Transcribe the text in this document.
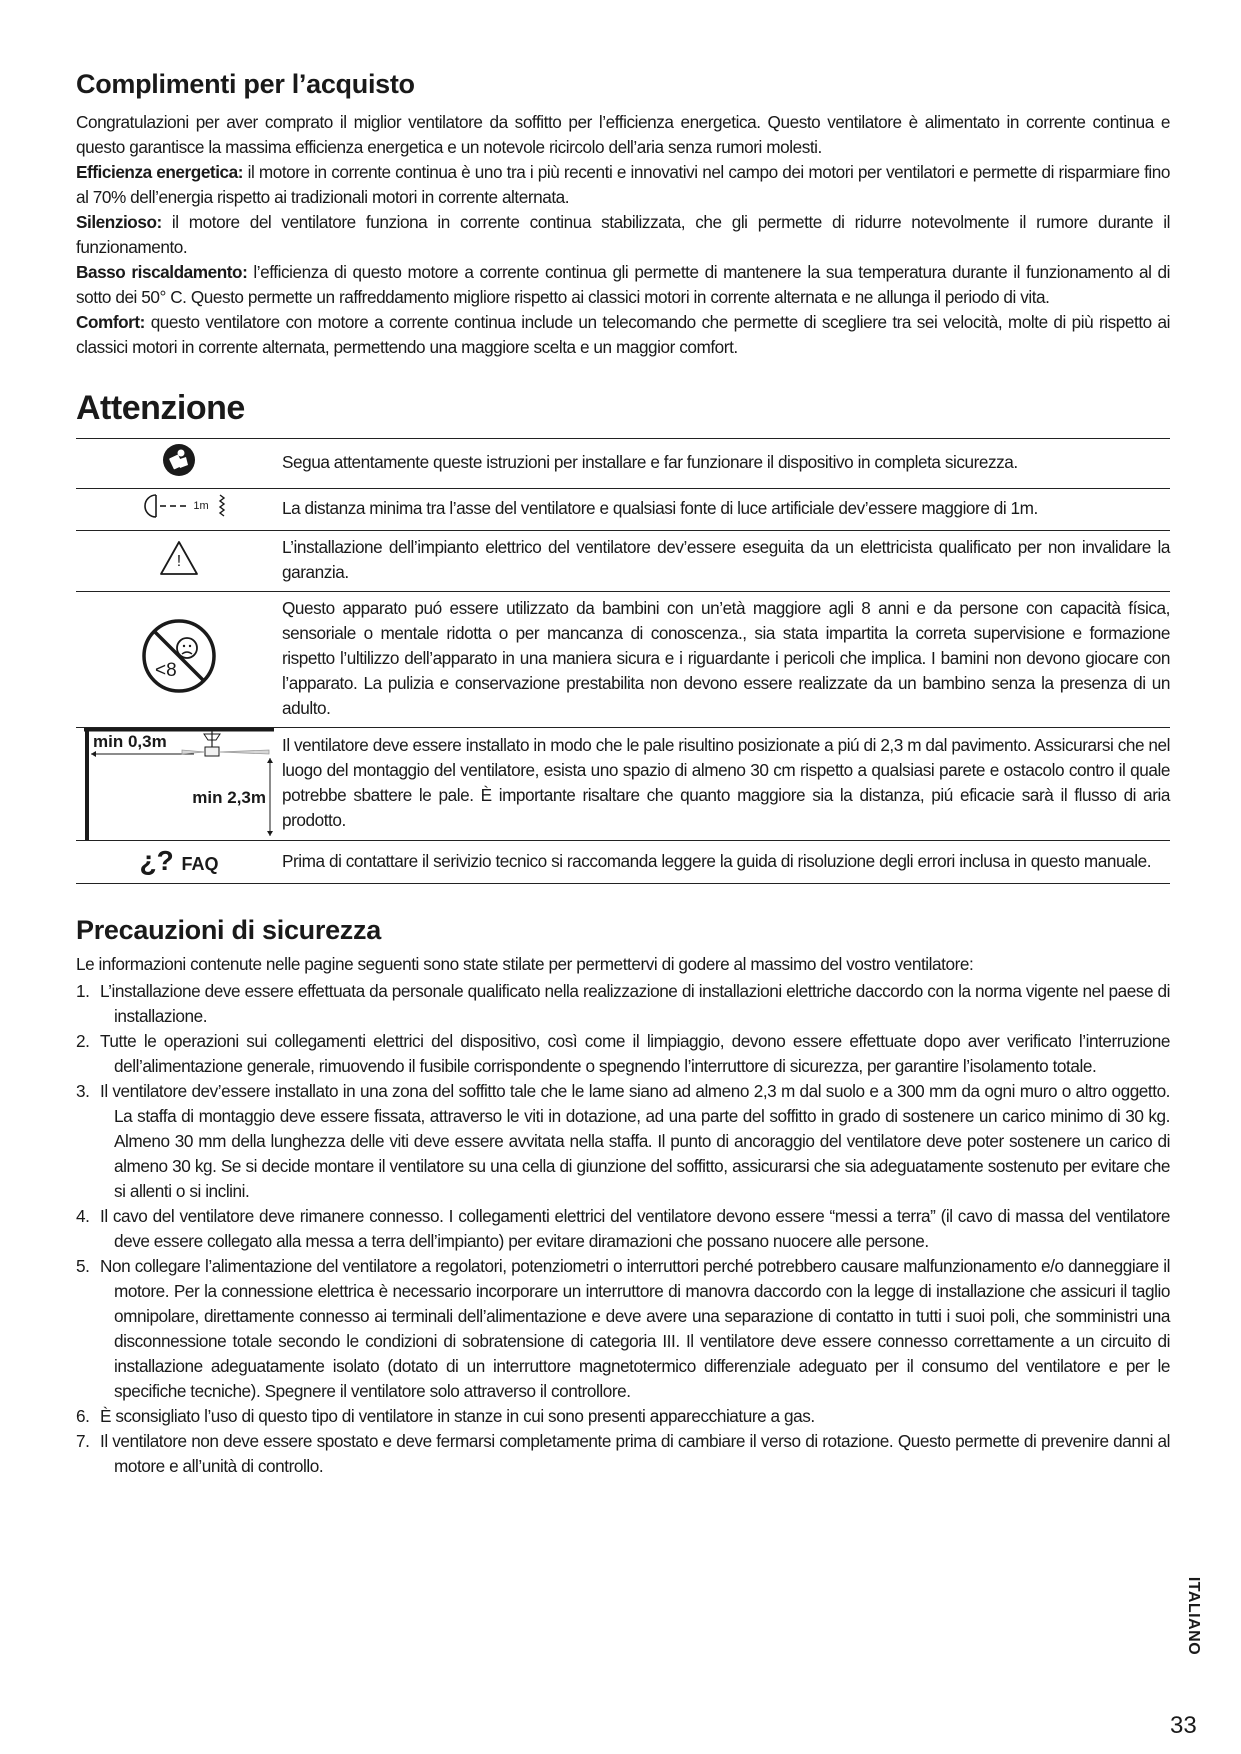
Complimenti per l’acquisto

Congratulazioni per aver comprato il miglior ventilatore da soffitto per l’efficienza energetica. Questo ventilatore è alimentato in corrente continua e questo garantisce la massima efficienza energetica e un notevole ricircolo dell’aria senza rumori molesti.

Efficienza energetica: il motore in corrente continua è uno tra i più recenti e innovativi nel campo dei motori per ventilatori e permette di risparmiare fino al 70% dell’energia rispetto ai tradizionali motori in corrente alternata.

Silenzioso: il motore del ventilatore funziona in corrente continua stabilizzata, che gli permette di ridurre notevolmente il rumore durante il funzionamento.

Basso riscaldamento: l’efficienza di questo motore a corrente continua gli permette di mantenere la sua temperatura durante il funzionamento al di sotto dei 50° C. Questo permette un raffreddamento migliore rispetto ai classici motori in corrente alternata e ne allunga il periodo di vita.

Comfort: questo ventilatore con motore a corrente continua include un telecomando che permette di scegliere tra sei velocità, molte di più rispetto ai classici motori in corrente alternata, permettendo una maggiore scelta e un maggior comfort.

Attenzione
	Segua attentamente queste istruzioni per installare e far funzionare il dispositivo in completa sicurezza.

1m	La distanza minima tra l’asse del ventilatore e qualsiasi fonte di luce artificiale dev’essere maggiore di 1m.

!	L’installazione dell’impianto elettrico del ventilatore dev’essere eseguita da un elettricista qualificato per non invalidare la garanzia.

<8	Questo apparato puó essere utilizzato da bambini con un’età maggiore agli 8 anni e da persone con capacità física, sensoriale o mentale ridotta o per mancanza di conoscenza., sia stata impartita la correta supervisione e formazione rispetto l’ultilizzo dell’apparato in una maniera sicura e i riguardante i pericoli che implica. I bamini non devono giocare con l’apparato. La pulizia e conservazione prestabilita non devono essere realizzate da un bambino senza la presenza di un adulto.

min 0,3m
min 2,3m	Il ventilatore deve essere installato in modo che le pale risultino posizionate a piú di 2,3 m dal pavimento. Assicurarsi che nel luogo del montaggio del ventilatore, esista uno spazio di almeno 30 cm rispetto a qualsiasi parete e ostacolo contro il quale potrebbe sbattere le pale. È importante risaltare che quanto maggiore sia la distanza, piú eficacie sarà il flusso di aria prodotto.
¿? FAQ	Prima di contattare il serivizio tecnico si raccomanda leggere la guida di risoluzione degli errori inclusa in questo manuale.
Precauzioni di sicurezza

Le informazioni contenute nelle pagine seguenti sono state stilate per permettervi di godere al massimo del vostro ventilatore:

1. L’installazione deve essere effettuata da personale qualificato nella realizzazione di installazioni elettriche daccordo con la norma vigente nel paese di installazione.
2. Tutte le operazioni sui collegamenti elettrici del dispositivo, così come il limpiaggio, devono essere effettuate dopo aver verificato l’interruzione dell’alimentazione generale, rimuovendo il fusibile corrispondente o spegnendo l’interruttore di sicurezza, per garantire l’isolamento totale.
3. Il ventilatore dev’essere installato in una zona del soffitto tale che le lame siano ad almeno 2,3 m dal suolo e a 300 mm da ogni muro o altro oggetto. La staffa di montaggio deve essere fissata, attraverso le viti in dotazione, ad una parte del soffitto in grado di sostenere un carico minimo di 30 kg. Almeno 30 mm della lunghezza delle viti deve essere avvitata nella staffa. Il punto di ancoraggio del ventilatore deve poter sostenere un carico di almeno 30 kg. Se si decide montare il ventilatore su una cella di giunzione del soffitto, assicurarsi che sia adeguatamente sostenuto per evitare che si allenti o si inclini.
4. Il cavo del ventilatore deve rimanere connesso. I collegamenti elettrici del ventilatore devono essere “messi a terra” (il cavo di massa del ventilatore deve essere collegato alla messa a terra dell’impianto) per evitare diramazioni che possano nuocere alle persone.
5. Non collegare l’alimentazione del ventilatore a regolatori, potenziometri o interruttori perché potrebbero causare malfunzionamento e/o danneggiare il motore. Per la connessione elettrica è necessario incorporare un interruttore di manovra daccordo con la legge di installazione che assicuri il taglio omnipolare, direttamente connesso ai terminali dell’alimentazione e deve avere una separazione di contatto in tutti i suoi poli, che somministri una disconnessione totale secondo le condizioni di sobratensione di categoria III. Il ventilatore deve essere connesso correttamente a un circuito di installazione adeguatamente isolato (dotato di un interruttore magnetotermico differenziale adeguato per il consumo del ventilatore e per le specifiche tecniche). Spegnere il ventilatore solo attraverso il controllore.
6. È sconsigliato l’uso di questo tipo di ventilatore in stanze in cui sono presenti apparecchiature a gas.
7. Il ventilatore non deve essere spostato e deve fermarsi completamente prima di cambiare il verso di rotazione. Questo permette di prevenire danni al motore e all’unità di controllo.
ITALIANO
33
